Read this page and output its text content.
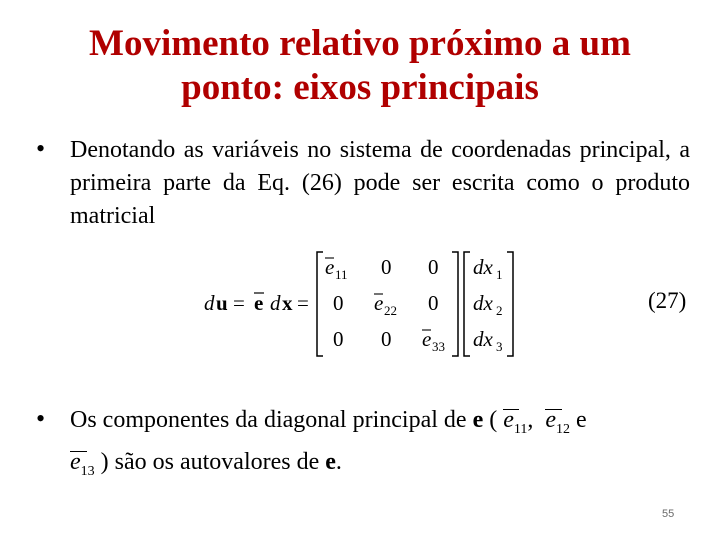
Movimento relativo próximo a um
ponto: eixos principais
• Denotando as variáveis no sistema de coordenadas principal, a primeira parte da Eq. (26) pode ser escrita como o produto matricial
d u = e d x =
e 11 0 0
0 e 22 0
0 0 e 33
dx 1
dx 2
dx 3
(27)
• Os componentes da diagonal principal de e (
$e_{11}$, $e_{12}$ e

$e_{13}$ ) são os autovalores de e.
55
